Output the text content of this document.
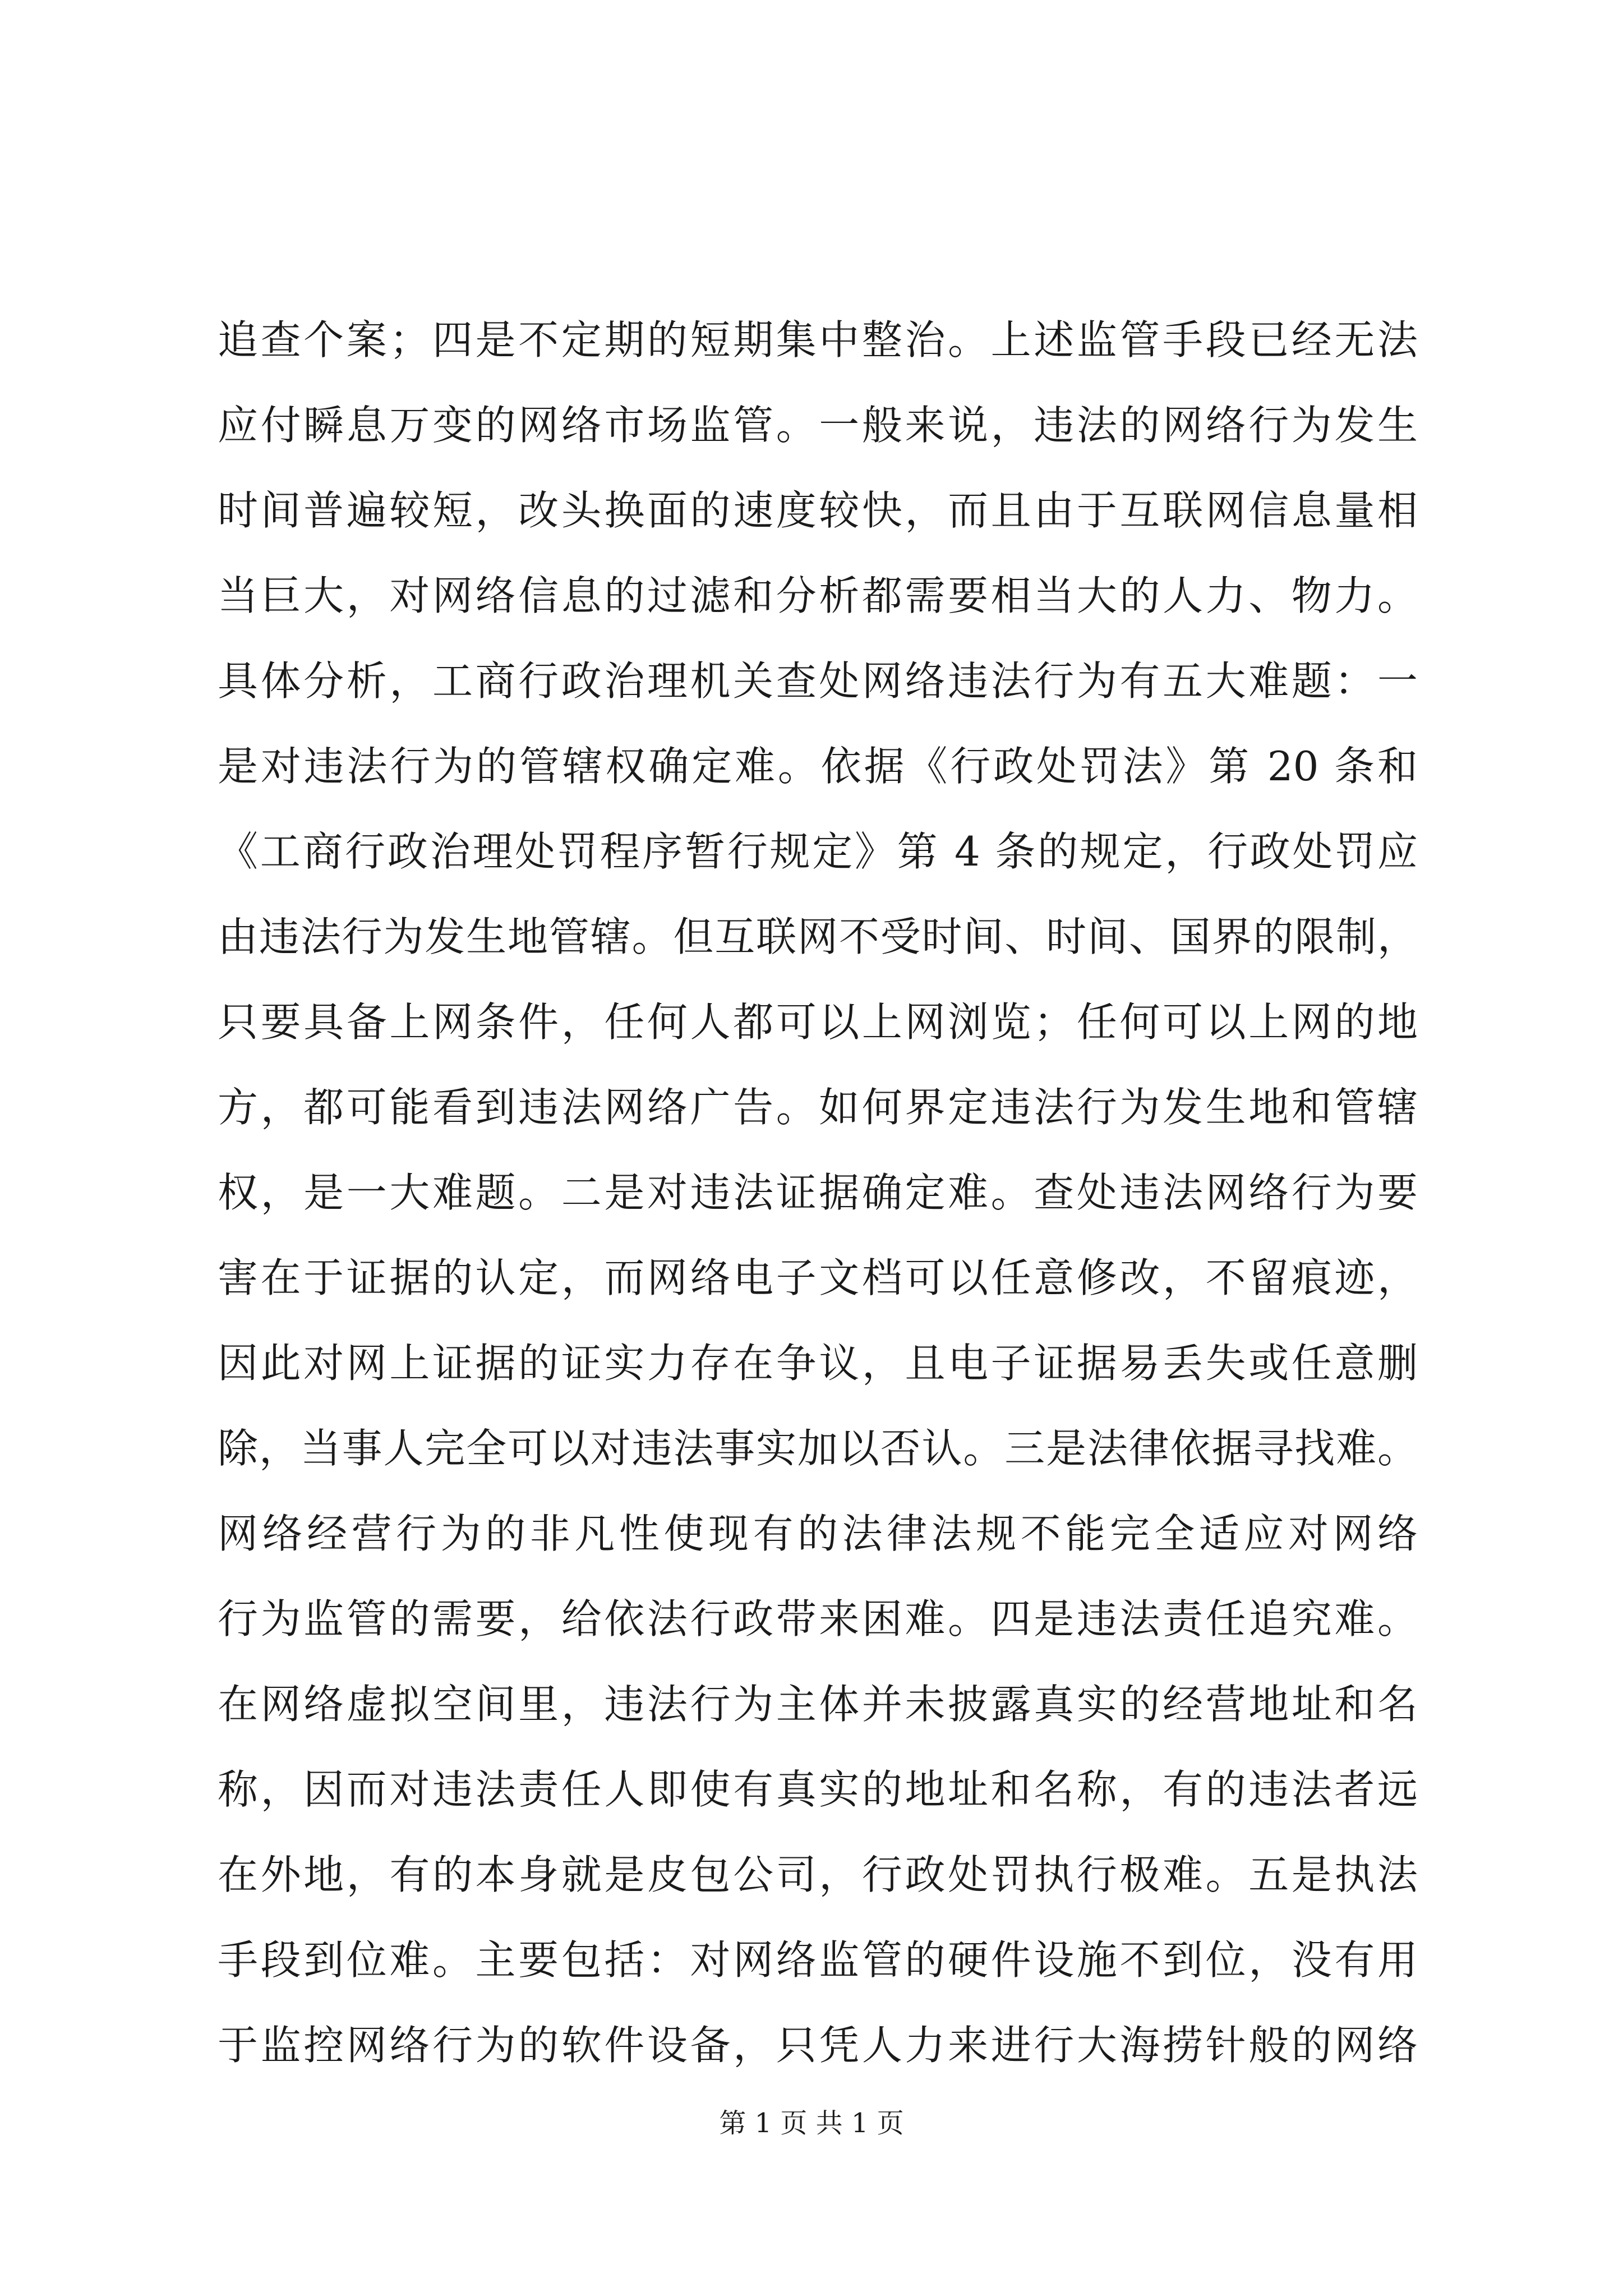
追查个案；四是不定期的短期集中整治。上述监管手段已经无法
应付瞬息万变的网络市场监管。一般来说，违法的网络行为发生
时间普遍较短，改头换面的速度较快，而且由于互联网信息量相
当巨大，对网络信息的过滤和分析都需要相当大的人力、物力。
具体分析，工商行政治理机关查处网络违法行为有五大难题：一
是对违法行为的管辖权确定难。依据《行政处罚法》第 20 条和
《工商行政治理处罚程序暂行规定》第 4 条的规定，行政处罚应
由违法行为发生地管辖。但互联网不受时间、时间、国界的限制，
只要具备上网条件，任何人都可以上网浏览；任何可以上网的地
方，都可能看到违法网络广告。如何界定违法行为发生地和管辖
权，是一大难题。二是对违法证据确定难。查处违法网络行为要
害在于证据的认定，而网络电子文档可以任意修改，不留痕迹，
因此对网上证据的证实力存在争议，且电子证据易丢失或任意删
除，当事人完全可以对违法事实加以否认。三是法律依据寻找难。
网络经营行为的非凡性使现有的法律法规不能完全适应对网络
行为监管的需要，给依法行政带来困难。四是违法责任追究难。
在网络虚拟空间里，违法行为主体并未披露真实的经营地址和名
称，因而对违法责任人即使有真实的地址和名称，有的违法者远
在外地，有的本身就是皮包公司，行政处罚执行极难。五是执法
手段到位难。主要包括：对网络监管的硬件设施不到位，没有用
于监控网络行为的软件设备，只凭人力来进行大海捞针般的网络
第 1 页 共 1 页
